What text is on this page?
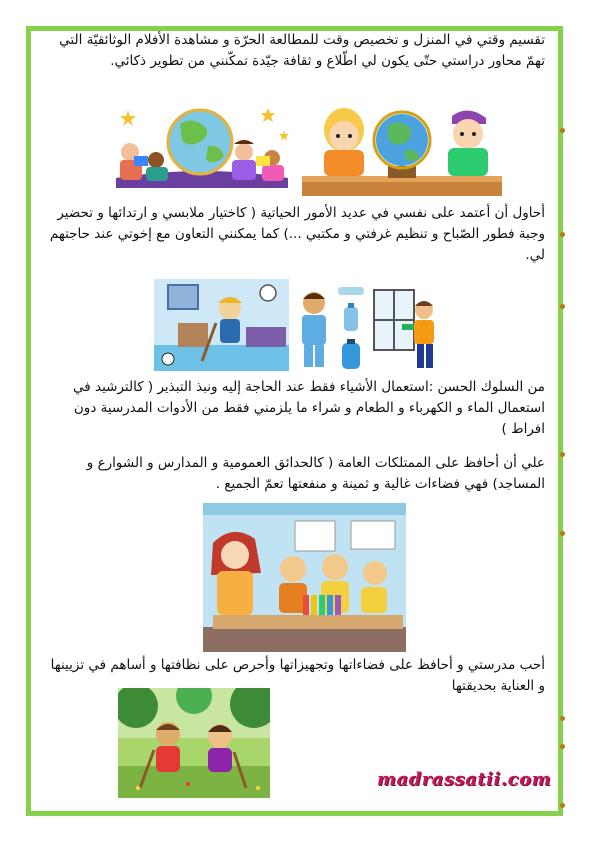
تقسيم وقتي في المنزل و تخصيص وقت للمطالعة الحرّة و مشاهدة الأفلام الوثائقيّة التي تهمّ محاور دراستي حتّى يكون لي اطّلاع و ثقافة جيّدة تمكّنني من تطوير ذكائي.

أحاول أن أعتمد على نفسي في عديد الأمور الحياتية ( كاختيار ملابسي و ارتدائها و تحضير وجبة فطور الصّباح و تنظيم غرفتي و مكتبي ...) كما يمكنني التعاون مع إخوتي عند حاجتهم لي.

من السلوك الحسن :استعمال الأشياء فقط عند الحاجة إليه ونبذ التبذير ( كالترشيد في استعمال الماء و الكهرباء و الطعام و شراء ما يلزمني فقط من الأدوات المدرسية دون افراط )

علي أن أحافظ على الممتلكات العامة ( كالحدائق العمومية و المدارس و الشوارع و المساجد) فهي فضاءات غالية و ثمينة و منفعتها تعمّ الجميع .

أحب مدرستي و أحافظ على فضاءاتها وتجهيزاتها وأحرص على نظافتها و أساهم في تزيينها و العناية بحديقتها

madrassatii.com
